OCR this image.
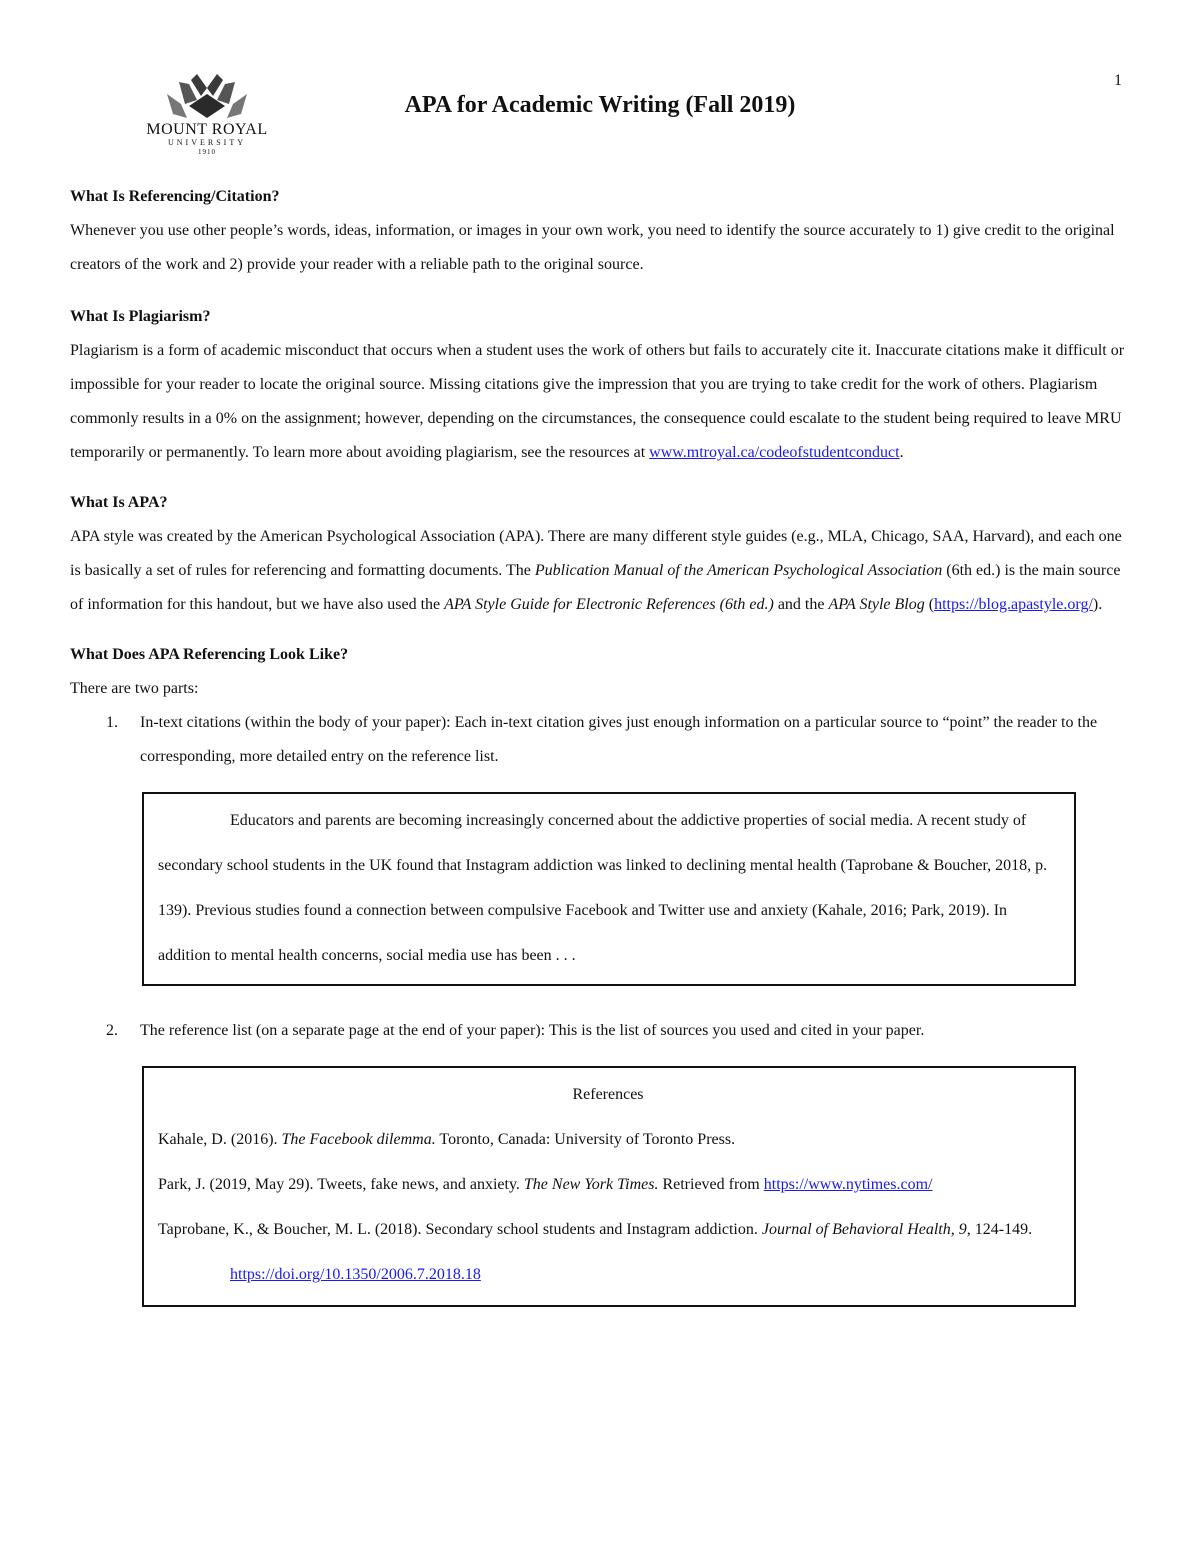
1
MOUNT ROYAL
UNIVERSITY
1910
APA for Academic Writing (Fall 2019)
What Is Referencing/Citation?

Whenever you use other people’s words, ideas, information, or images in your own work, you need to identify the source accurately to 1) give credit to the original creators of the work and 2) provide your reader with a reliable path to the original source.

What Is Plagiarism?

Plagiarism is a form of academic misconduct that occurs when a student uses the work of others but fails to accurately cite it. Inaccurate citations make it difficult or impossible for your reader to locate the original source. Missing citations give the impression that you are trying to take credit for the work of others. Plagiarism commonly results in a 0% on the assignment; however, depending on the circumstances, the consequence could escalate to the student being required to leave MRU temporarily or permanently. To learn more about avoiding plagiarism, see the resources at www.mtroyal.ca/codeofstudentconduct.

What Is APA?

APA style was created by the American Psychological Association (APA). There are many different style guides (e.g., MLA, Chicago, SAA, Harvard), and each one is basically a set of rules for referencing and formatting documents. The Publication Manual of the American Psychological Association (6th ed.) is the main source of information for this handout, but we have also used the APA Style Guide for Electronic References (6th ed.) and the APA Style Blog (https://blog.apastyle.org/).

What Does APA Referencing Look Like?

There are two parts:

1. In-text citations (within the body of your paper): Each in-text citation gives just enough information on a particular source to “point” the reader to the corresponding, more detailed entry on the reference list.

Educators and parents are becoming increasingly concerned about the addictive properties of social media. A recent study of secondary school students in the UK found that Instagram addiction was linked to declining mental health (Taprobane & Boucher, 2018, p. 139). Previous studies found a connection between compulsive Facebook and Twitter use and anxiety (Kahale, 2016; Park, 2019). In addition to mental health concerns, social media use has been . . .

2. The reference list (on a separate page at the end of your paper): This is the list of sources you used and cited in your paper.

References

Kahale, D. (2016). The Facebook dilemma. Toronto, Canada: University of Toronto Press.

Park, J. (2019, May 29). Tweets, fake news, and anxiety. The New York Times. Retrieved from https://www.nytimes.com/

Taprobane, K., & Boucher, M. L. (2018). Secondary school students and Instagram addiction. Journal of Behavioral Health, 9, 124-149. https://doi.org/10.1350/2006.7.2018.18
